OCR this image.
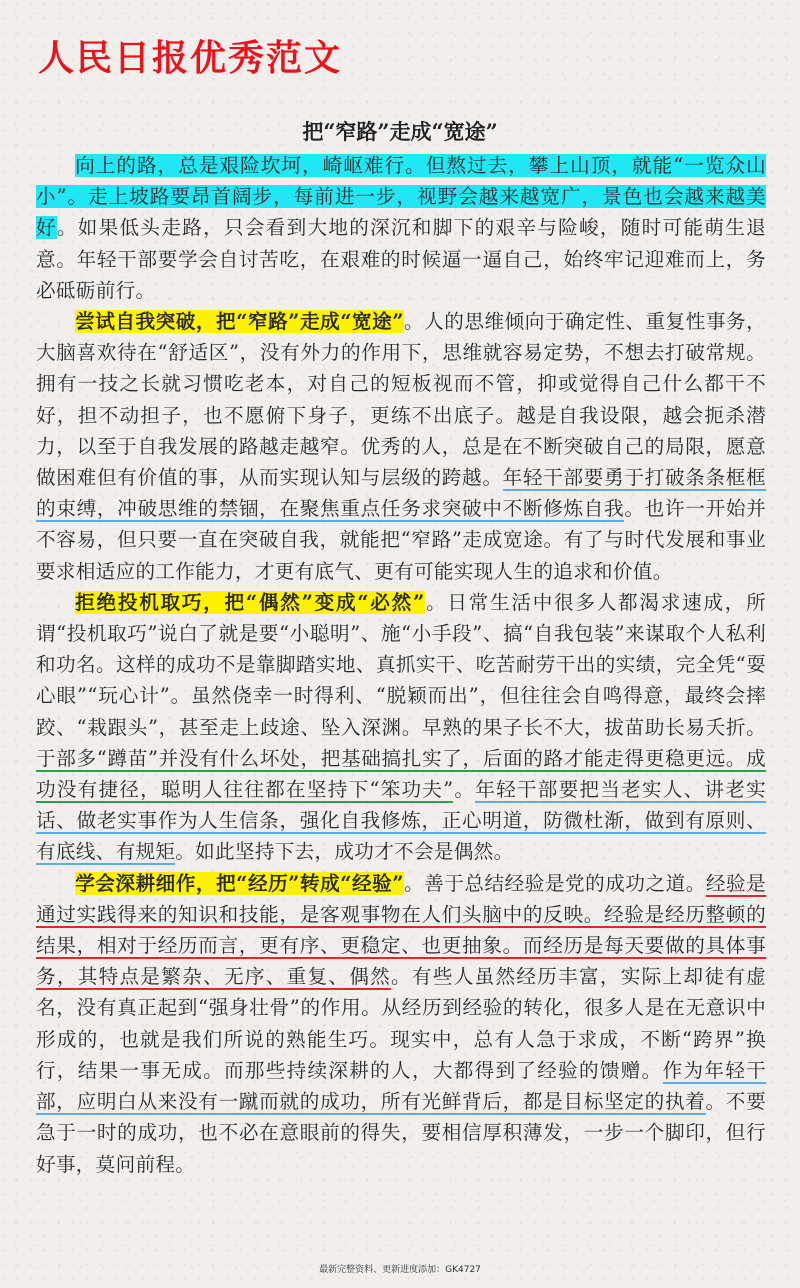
人民日报优秀范文
把“窄路”走成“宽途”

向上的路，总是艰险坎坷，崎岖难行。但熬过去，攀上山顶，就能“一览众山小”。走上坡路要昂首阔步，每前进一步，视野会越来越宽广，景色也会越来越美好。如果低头走路，只会看到大地的深沉和脚下的艰辛与险峻，随时可能萌生退意。年轻干部要学会自讨苦吃，在艰难的时候逼一逼自己，始终牢记迎难而上，务必砥砺前行。

尝试自我突破，把“窄路”走成“宽途”。人的思维倾向于确定性、重复性事务，大脑喜欢待在“舒适区”，没有外力的作用下，思维就容易定势，不想去打破常规。拥有一技之长就习惯吃老本，对自己的短板视而不管，抑或觉得自己什么都干不好，担不动担子，也不愿俯下身子，更练不出底子。越是自我设限，越会扼杀潜力，以至于自我发展的路越走越窄。优秀的人，总是在不断突破自己的局限，愿意做困难但有价值的事，从而实现认知与层级的跨越。年轻干部要勇于打破条条框框的束缚，冲破思维的禁锢，在聚焦重点任务求突破中不断修炼自我。也许一开始并不容易，但只要一直在突破自我，就能把“窄路”走成宽途。有了与时代发展和事业要求相适应的工作能力，才更有底气、更有可能实现人生的追求和价值。

拒绝投机取巧，把“偶然”变成“必然”。日常生活中很多人都渴求速成，所谓“投机取巧”说白了就是要“小聪明”、施“小手段”、搞“自我包装”来谋取个人私利和功名。这样的成功不是靠脚踏实地、真抓实干、吃苦耐劳干出的实绩，完全凭“耍心眼”“玩心计”。虽然侥幸一时得利、“脱颖而出”，但往往会自鸣得意，最终会摔跤、“栽跟头”，甚至走上歧途、坠入深渊。早熟的果子长不大，拔苗助长易夭折。于部多“蹲苗”并没有什么坏处，把基础搞扎实了，后面的路才能走得更稳更远。成功没有捷径，聪明人往往都在坚持下“笨功夫”。年轻干部要把当老实人、讲老实话、做老实事作为人生信条，强化自我修炼，正心明道，防微杜渐，做到有原则、有底线、有规矩。如此坚持下去，成功才不会是偶然。

学会深耕细作，把“经历”转成“经验”。善于总结经验是党的成功之道。经验是通过实践得来的知识和技能，是客观事物在人们头脑中的反映。经验是经历整顿的结果，相对于经历而言，更有序、更稳定、也更抽象。而经历是每天要做的具体事务，其特点是繁杂、无序、重复、偶然。有些人虽然经历丰富，实际上却徒有虚名，没有真正起到“强身壮骨”的作用。从经历到经验的转化，很多人是在无意识中形成的，也就是我们所说的熟能生巧。现实中，总有人急于求成，不断“跨界”换行，结果一事无成。而那些持续深耕的人，大都得到了经验的馈赠。作为年轻干部，应明白从来没有一蹴而就的成功，所有光鲜背后，都是目标坚定的执着。不要急于一时的成功，也不必在意眼前的得失，要相信厚积薄发，一步一个脚印，但行好事，莫问前程。

最新完整资料、更新进度添加：GK4727
